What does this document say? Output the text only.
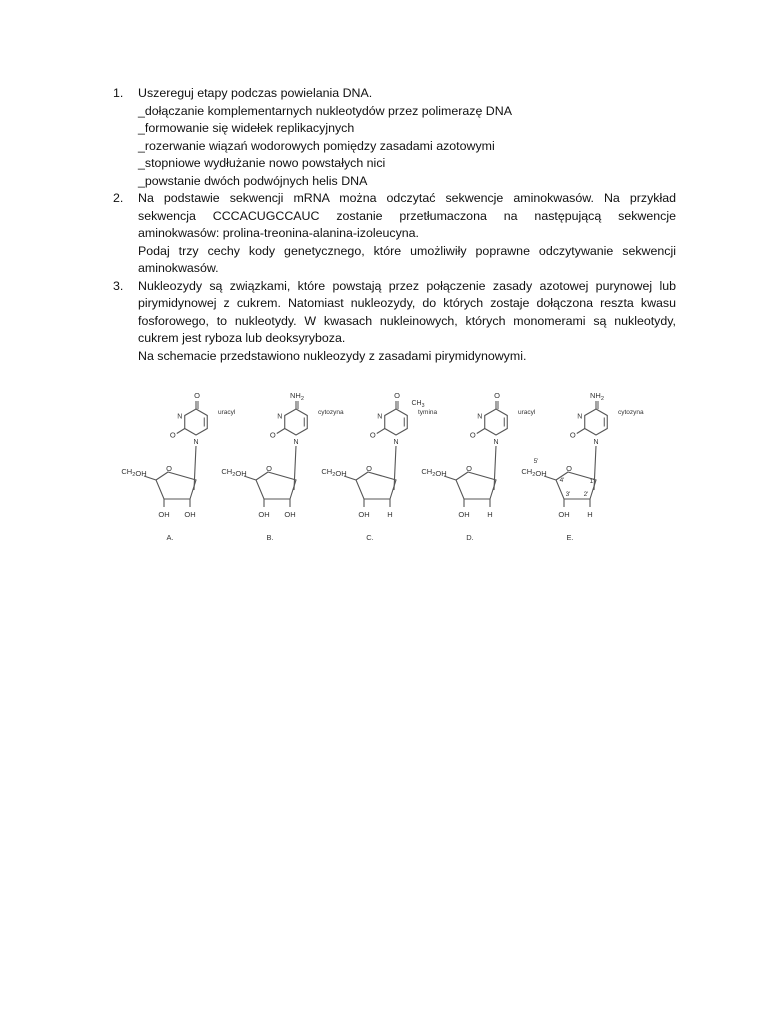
1.	Uszereguj etapy podczas powielania DNA.
_dołączanie komplementarnych nukleotydów przez polimerazę DNA
_formowanie się widełek replikacyjnych
_rozerwanie wiązań wodorowych pomiędzy zasadami azotowymi
_stopniowe wydłużanie nowo powstałych nici
_powstanie dwóch podwójnych helis DNA
2.	Na podstawie sekwencji mRNA można odczytać sekwencje aminokwasów. Na przykład sekwencja CCCACUGCCAUC zostanie przetłumaczona na następującą sekwencje aminokwasów: prolina-treonina-alanina-izoleucyna.
Podaj trzy cechy kody genetycznego, które umożliwiły poprawne odczytywanie sekwencji aminokwasów.
3.	Nukleozydy są związkami, które powstają przez połączenie zasady azotowej purynowej lub pirymidynowej z cukrem. Natomiast nukleozydy, do których zostaje dołączona reszta kwasu fosforowego, to nukleotydy. W kwasach nukleinowych, których monomerami są nukleotydy, cukrem jest ryboza lub deoksyryboza.
Na schemacie przedstawiono nukleozydy z zasadami pirymidynowymi.
N
N
O
O
uracyl
O
$CH_2OH$
OH OH
A.
N
N
$NH_2$
O
cytozyna
O
$CH_2OH$
OH OH
B.
N
N
O
O
tymina
$CH_3$
O
$CH_2OH$
OH H
C.
N
N
O
O
uracyl
O
$CH_2OH$
OH H
D.
N
N
$NH_2$
O
cytozyna
O
$CH_2OH$
OH H
5'
4'
3' 2'
1'
E.
